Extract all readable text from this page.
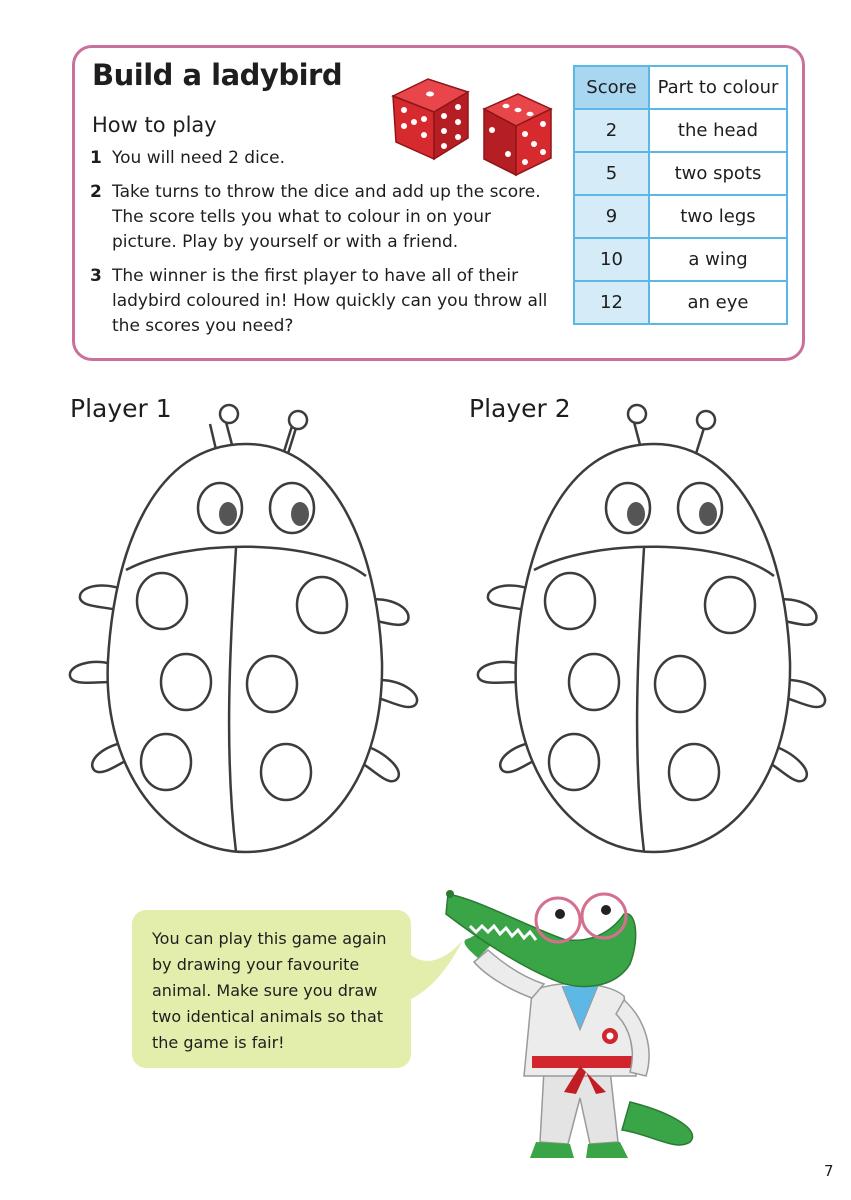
Build a ladybird
How to play
1 You will need 2 dice.
2 Take turns to throw the dice and add up the score. The score tells you what to colour in on your picture. Play by yourself or with a friend.
3 The winner is the first player to have all of their ladybird coloured in! How quickly can you throw all the scores you need?
Score	Part to colour
2	the head
5	two spots
9	two legs
10	a wing
12	an eye
Player 1	Player 2
You can play this game again by drawing your favourite animal. Make sure you draw two identical animals so that the game is fair!
7
